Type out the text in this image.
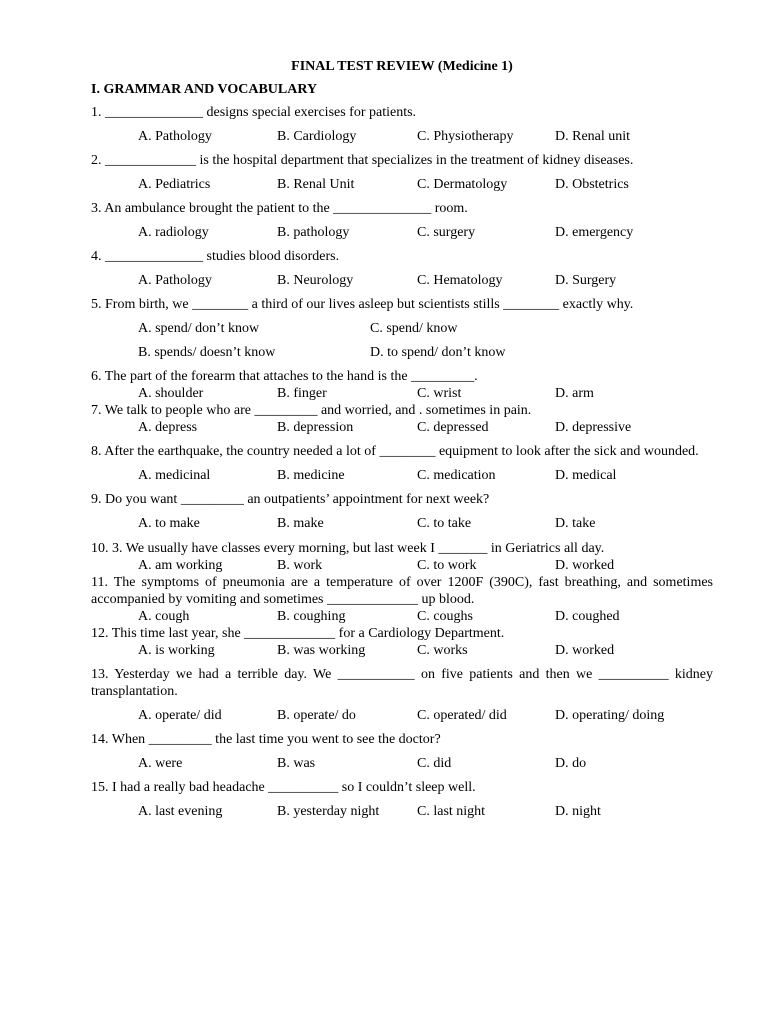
FINAL TEST REVIEW (Medicine 1)
I. GRAMMAR AND VOCABULARY

1. ______________ designs special exercises for patients.

A. Pathology	B. Cardiology	C. Physiotherapy	D. Renal unit

2. _____________ is the hospital department that specializes in the treatment of kidney diseases.

A. Pediatrics	B. Renal Unit	C. Dermatology	D. Obstetrics

3. An ambulance brought the patient to the ______________ room.

A. radiology	B. pathology	C. surgery	D. emergency

4. ______________ studies blood disorders.

A. Pathology	B. Neurology	C. Hematology	D. Surgery

5. From birth, we ________ a third of our lives asleep but scientists stills ________ exactly why.

A. spend/ don’t know	C. spend/ know
B. spends/ doesn’t know	D. to spend/ don’t know

6. The part of the forearm that attaches to the hand is the _________.

A. shoulder	B. finger	C. wrist	D. arm

7. We talk to people who are _________ and worried, and . sometimes in pain.

A. depress	B. depression	C. depressed	D. depressive

8. After the earthquake, the country needed a lot of ________ equipment to look after the sick and wounded.

A. medicinal	B. medicine	C. medication	D. medical

9. Do you want _________ an outpatients’ appointment for next week?

A. to make	B. make	C. to take	D. take

10. 3. We usually have classes every morning, but last week I _______ in Geriatrics all day.

A. am working	B. work	C. to work	D. worked

11. The symptoms of pneumonia are a temperature of over 1200F (390C), fast breathing, and sometimes accompanied by vomiting and sometimes _____________ up blood.

A. cough	B. coughing	C. coughs	D. coughed

12. This time last year, she _____________ for a Cardiology Department.

A. is working	B. was working	C. works	D. worked

13. Yesterday we had a terrible day. We ___________ on five patients and then we __________ kidney transplantation.

A. operate/ did	B. operate/ do	C. operated/ did	D. operating/ doing

14. When _________ the last time you went to see the doctor?

A. were	B. was	C. did	D. do

15. I had a really bad headache __________ so I couldn’t sleep well.

A. last evening	B. yesterday night	C. last night	D. night
